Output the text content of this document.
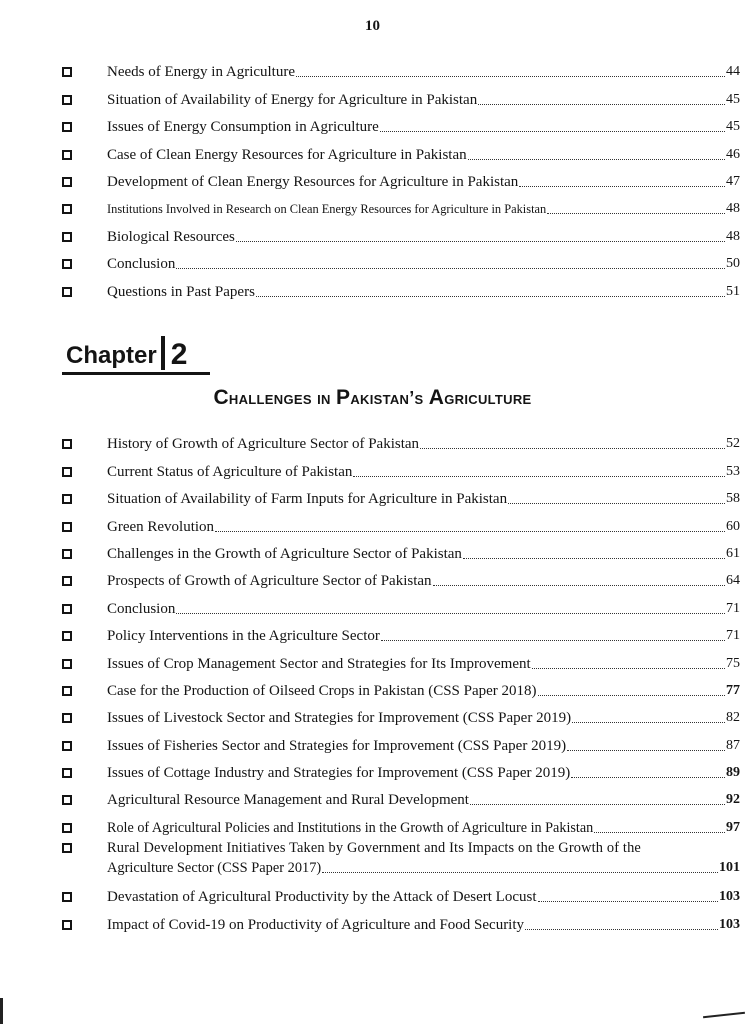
10
Needs of Energy in Agriculture	44
Situation of Availability of Energy for Agriculture in Pakistan	45
Issues of Energy Consumption in Agriculture	45
Case of Clean Energy Resources for Agriculture in Pakistan	46
Development of Clean Energy Resources for Agriculture in Pakistan	47
Institutions Involved in Research on Clean Energy Resources for Agriculture in Pakistan	48
Biological Resources	48
Conclusion	50
Questions in Past Papers	51
Chapter 2
Challenges in Pakistan’s Agriculture
History of Growth of Agriculture Sector of Pakistan	52
Current Status of Agriculture of Pakistan	53
Situation of Availability of Farm Inputs for Agriculture in Pakistan	58
Green Revolution	60
Challenges in the Growth of Agriculture Sector of Pakistan	61
Prospects of Growth of Agriculture Sector of Pakistan	64
Conclusion	71
Policy Interventions in the Agriculture Sector	71
Issues of Crop Management Sector and Strategies for Its Improvement	75
Case for the Production of Oilseed Crops in Pakistan (CSS Paper 2018)	77
Issues of Livestock Sector and Strategies for Improvement (CSS Paper 2019)	82
Issues of Fisheries Sector and Strategies for Improvement (CSS Paper 2019)	87
Issues of Cottage Industry and Strategies for Improvement (CSS Paper 2019)	89
Agricultural Resource Management and Rural Development	92
Role of Agricultural Policies and Institutions in the Growth of Agriculture in Pakistan	97
Rural Development Initiatives Taken by Government and Its Impacts on the Growth of the
Agriculture Sector (CSS Paper 2017)	101
Devastation of Agricultural Productivity by the Attack of Desert Locust	103
Impact of Covid-19 on Productivity of Agriculture and Food Security	103
